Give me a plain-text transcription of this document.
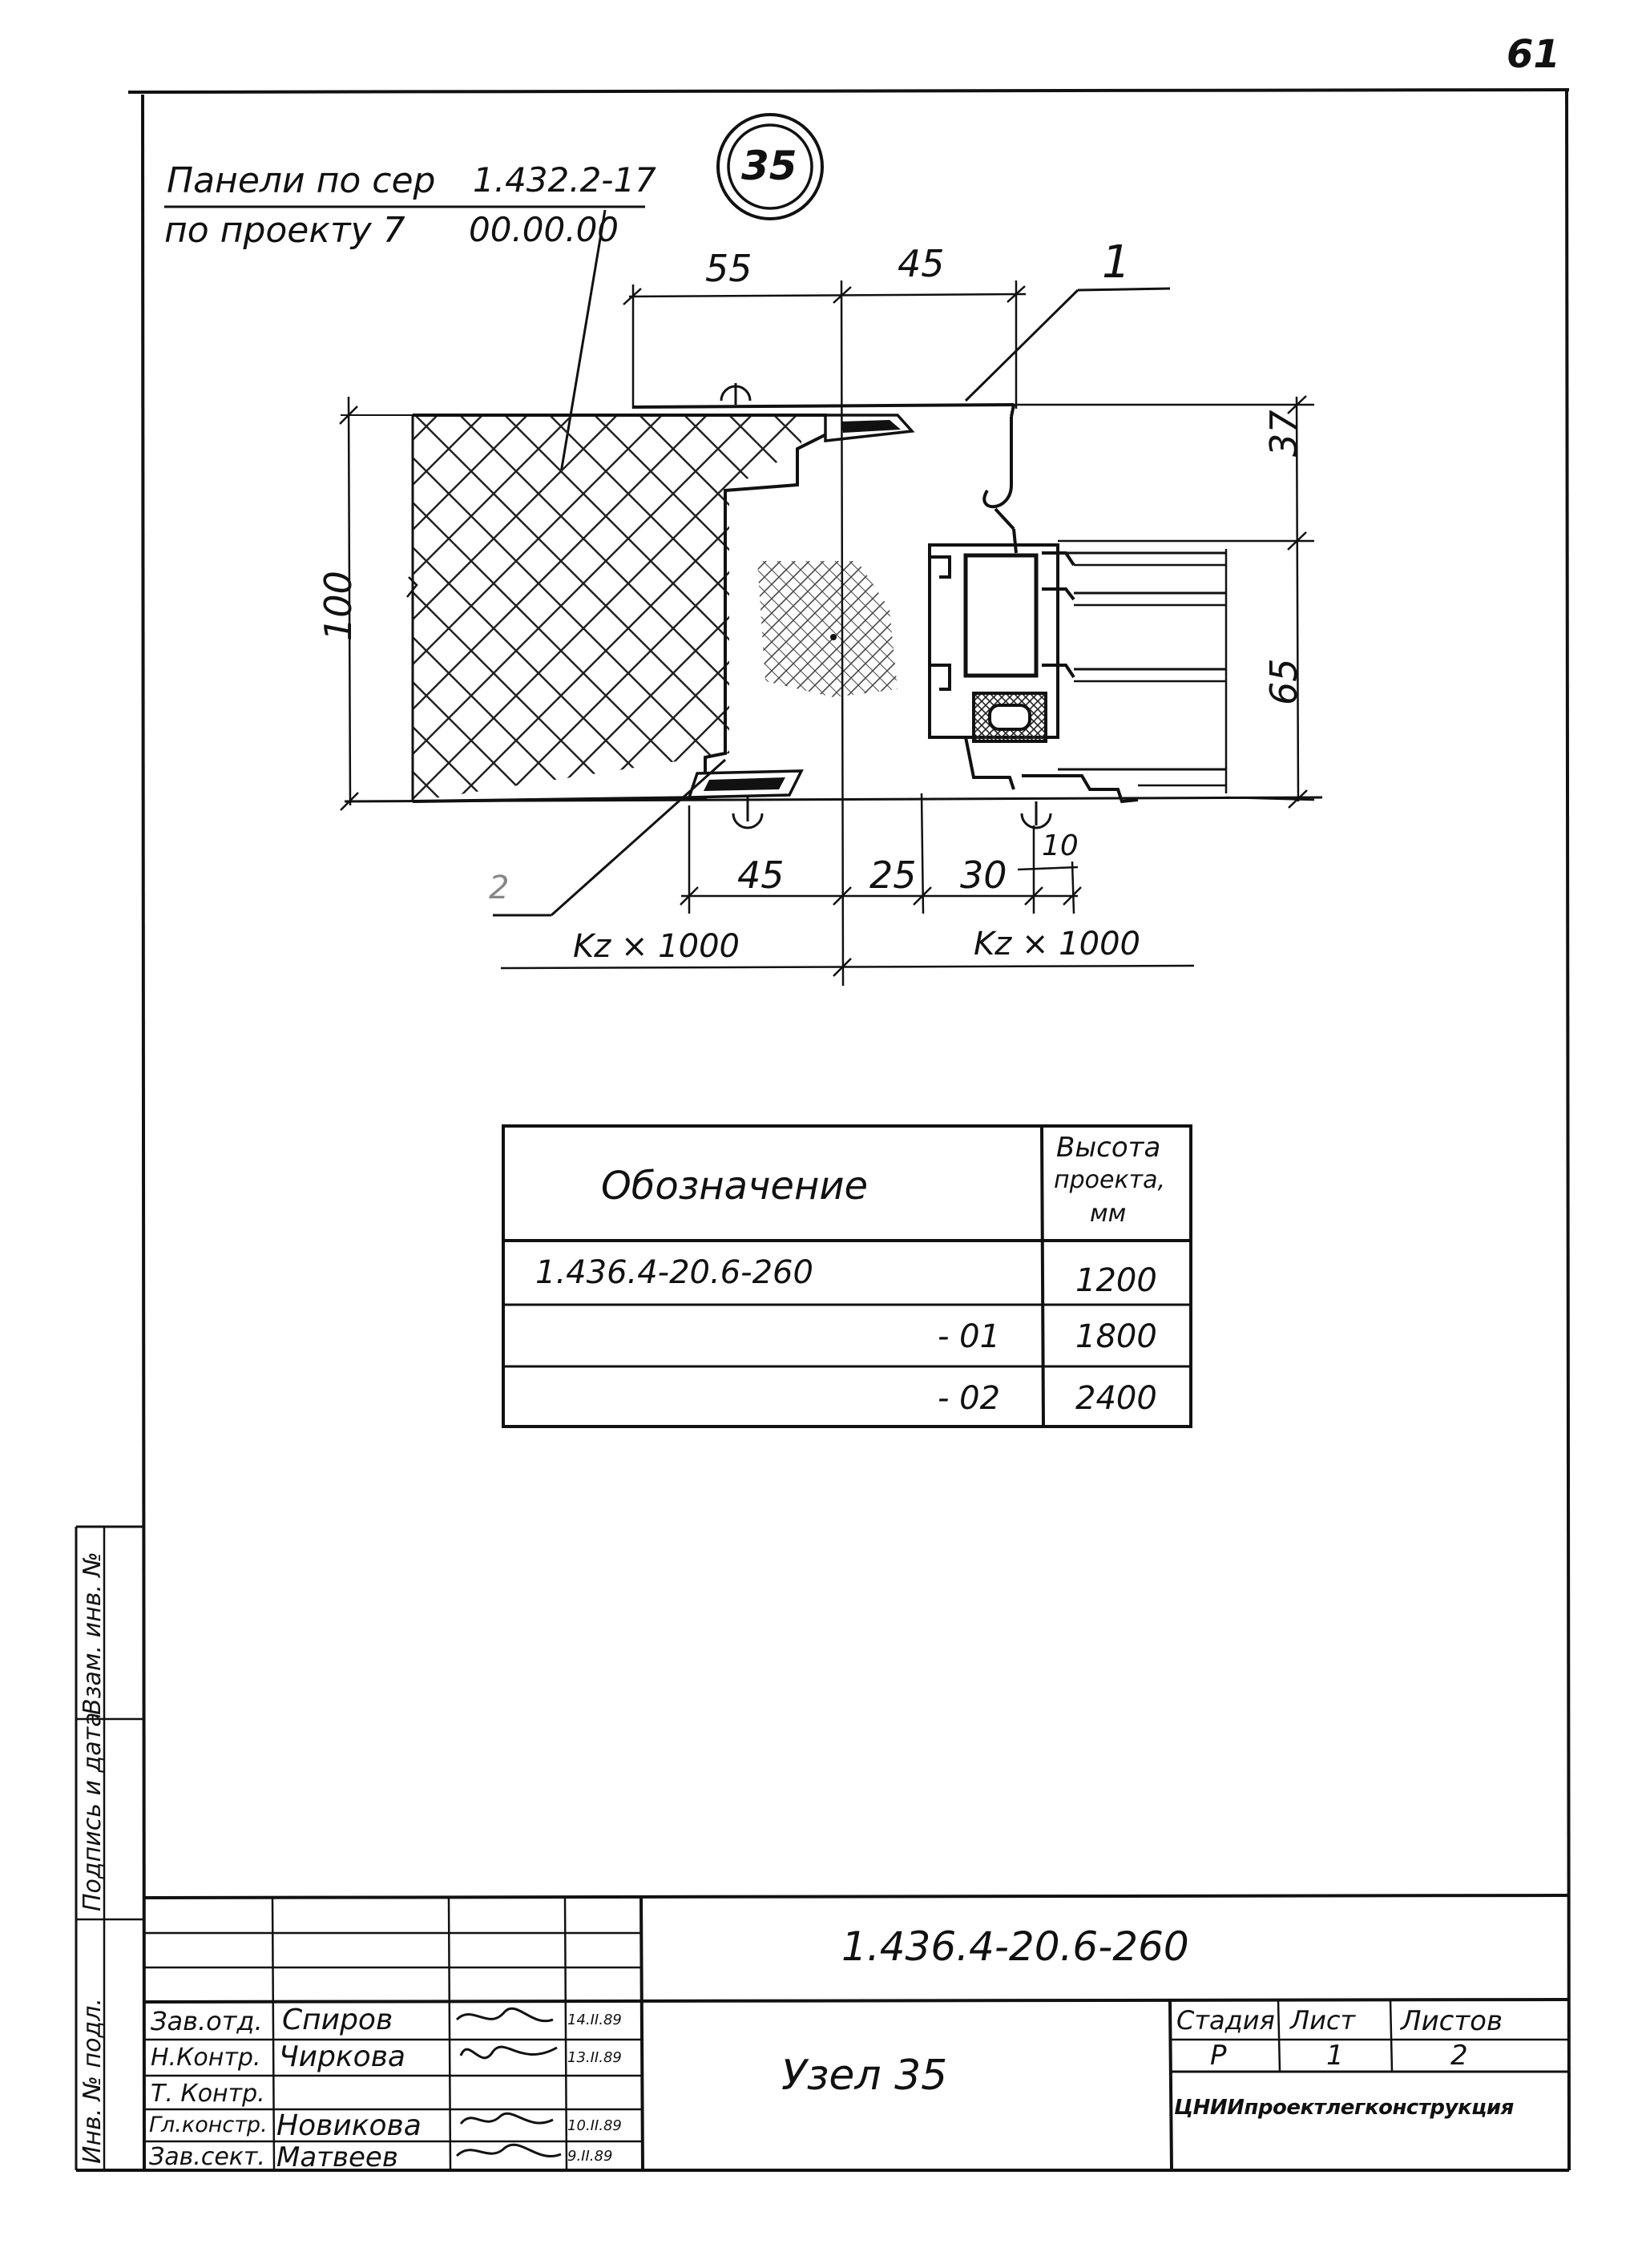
61
35
Панели по сер 1.432.2-17
по проекту 7 00.00.00
1
2
55	45
37
65
100
45 25 30
10
Kz × 1000	Kz × 1000
Обозначение
Высота
проекта,
мм
1.436.4-20.6-260	1200
- 01 1800
- 02 2400
Инв. № подл.
Подпись и дата
Взам. инв. №
1.436.4-20.6-260
Узел 35
Зав.отд. Спиров	14.II.89
Н.Контр. Чиркова	13.II.89
Т. Контр.
Гл.констр. Новикова	10.II.89
Зав.сект. Матвеев	9.II.89
Стадия Лист Листов
Р	1	2
ЦНИИпроектлегконструкция
